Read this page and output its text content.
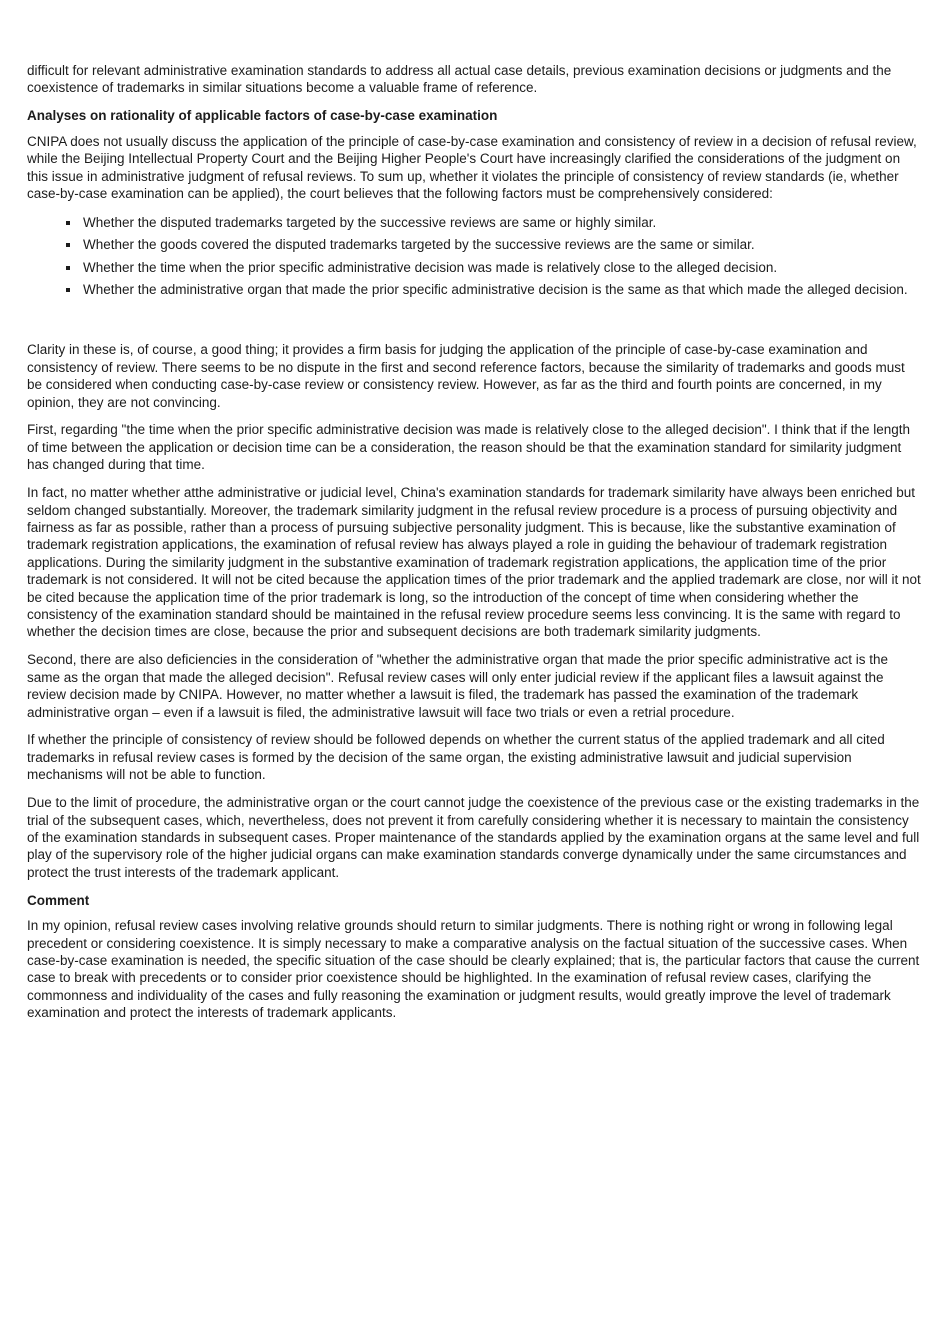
difficult for relevant administrative examination standards to address all actual case details, previous examination decisions or judgments and the coexistence of trademarks in similar situations become a valuable frame of reference.

Analyses on rationality of applicable factors of case-by-case examination

CNIPA does not usually discuss the application of the principle of case-by-case examination and consistency of review in a decision of refusal review, while the Beijing Intellectual Property Court and the Beijing Higher People's Court have increasingly clarified the considerations of the judgment on this issue in administrative judgment of refusal reviews. To sum up, whether it violates the principle of consistency of review standards (ie, whether case-by-case examination can be applied), the court believes that the following factors must be comprehensively considered:

▪ Whether the disputed trademarks targeted by the successive reviews are same or highly similar.
▪ Whether the goods covered the disputed trademarks targeted by the successive reviews are the same or similar.
▪ Whether the time when the prior specific administrative decision was made is relatively close to the alleged decision.
▪ Whether the administrative organ that made the prior specific administrative decision is the same as that which made the alleged decision.

Clarity in these is, of course, a good thing; it provides a firm basis for judging the application of the principle of case-by-case examination and consistency of review. There seems to be no dispute in the first and second reference factors, because the similarity of trademarks and goods must be considered when conducting case-by-case review or consistency review. However, as far as the third and fourth points are concerned, in my opinion, they are not convincing.

First, regarding "the time when the prior specific administrative decision was made is relatively close to the alleged decision". I think that if the length of time between the application or decision time can be a consideration, the reason should be that the examination standard for similarity judgment has changed during that time.

In fact, no matter whether atthe administrative or judicial level, China's examination standards for trademark similarity have always been enriched but seldom changed substantially. Moreover, the trademark similarity judgment in the refusal review procedure is a process of pursuing objectivity and fairness as far as possible, rather than a process of pursuing subjective personality judgment. This is because, like the substantive examination of trademark registration applications, the examination of refusal review has always played a role in guiding the behaviour of trademark registration applications. During the similarity judgment in the substantive examination of trademark registration applications, the application time of the prior trademark is not considered. It will not be cited because the application times of the prior trademark and the applied trademark are close, nor will it not be cited because the application time of the prior trademark is long, so the introduction of the concept of time when considering whether the consistency of the examination standard should be maintained in the refusal review procedure seems less convincing. It is the same with regard to whether the decision times are close, because the prior and subsequent decisions are both trademark similarity judgments.

Second, there are also deficiencies in the consideration of "whether the administrative organ that made the prior specific administrative act is the same as the organ that made the alleged decision". Refusal review cases will only enter judicial review if the applicant files a lawsuit against the review decision made by CNIPA. However, no matter whether a lawsuit is filed, the trademark has passed the examination of the trademark administrative organ – even if a lawsuit is filed, the administrative lawsuit will face two trials or even a retrial procedure.

If whether the principle of consistency of review should be followed depends on whether the current status of the applied trademark and all cited trademarks in refusal review cases is formed by the decision of the same organ, the existing administrative lawsuit and judicial supervision mechanisms will not be able to function.

Due to the limit of procedure, the administrative organ or the court cannot judge the coexistence of the previous case or the existing trademarks in the trial of the subsequent cases, which, nevertheless, does not prevent it from carefully considering whether it is necessary to maintain the consistency of the examination standards in subsequent cases. Proper maintenance of the standards applied by the examination organs at the same level and full play of the supervisory role of the higher judicial organs can make examination standards converge dynamically under the same circumstances and protect the trust interests of the trademark applicant.

Comment

In my opinion, refusal review cases involving relative grounds should return to similar judgments. There is nothing right or wrong in following legal precedent or considering coexistence. It is simply necessary to make a comparative analysis on the factual situation of the successive cases. When case-by-case examination is needed, the specific situation of the case should be clearly explained; that is, the particular factors that cause the current case to break with precedents or to consider prior coexistence should be highlighted. In the examination of refusal review cases, clarifying the commonness and individuality of the cases and fully reasoning the examination or judgment results, would greatly improve the level of trademark examination and protect the interests of trademark applicants.
